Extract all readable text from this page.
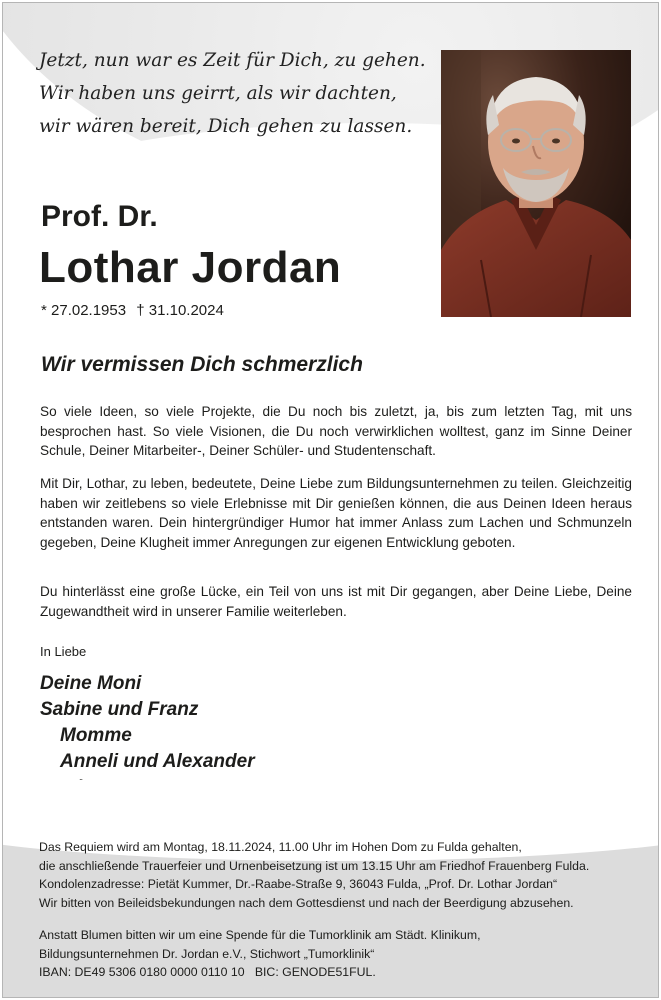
Jetzt, nun war es Zeit für Dich, zu gehen.
Wir haben uns geirrt, als wir dachten,
wir wären bereit, Dich gehen zu lassen.
Prof. Dr.
Lothar Jordan
* 27.02.1953 † 31.10.2024
Wir vermissen Dich schmerzlich

So viele Ideen, so viele Projekte, die Du noch bis zuletzt, ja, bis zum letzten Tag, mit uns besprochen hast. So viele Visionen, die Du noch verwirklichen wolltest, ganz im Sinne Deiner Schule, Deiner Mitarbeiter-, Deiner Schüler- und Studentenschaft.

Mit Dir, Lothar, zu leben, bedeutete, Deine Liebe zum Bildungsunternehmen zu teilen. Gleichzeitig haben wir zeitlebens so viele Erlebnisse mit Dir genießen können, die aus Deinen Ideen heraus entstanden waren. Dein hintergründiger Humor hat immer Anlass zum Lachen und Schmunzeln gegeben, Deine Klugheit immer Anregungen zur eigenen Entwicklung geboten.

Du hinterlässt eine große Lücke, ein Teil von uns ist mit Dir gegangen, aber Deine Liebe, Deine Zugewandtheit wird in unserer Familie weiterleben.

In Liebe
Deine Moni
Sabine und Franz
Momme
Anneli und Alexander
Das Requiem wird am Montag, 18.11.2024, 11.00 Uhr im Hohen Dom zu Fulda gehalten,
die anschließende Trauerfeier und Urnenbeisetzung ist um 13.15 Uhr am Friedhof Frauenberg Fulda.
Kondolenzadresse: Pietät Kummer, Dr.-Raabe-Straße 9, 36043 Fulda, „Prof. Dr. Lothar Jordan“
Wir bitten von Beileidsbekundungen nach dem Gottesdienst und nach der Beerdigung abzusehen.
Anstatt Blumen bitten wir um eine Spende für die Tumorklinik am Städt. Klinikum,
Bildungsunternehmen Dr. Jordan e.V., Stichwort „Tumorklinik“
IBAN: DE49 5306 0180 0000 0110 10   BIC: GENODE51FUL.
